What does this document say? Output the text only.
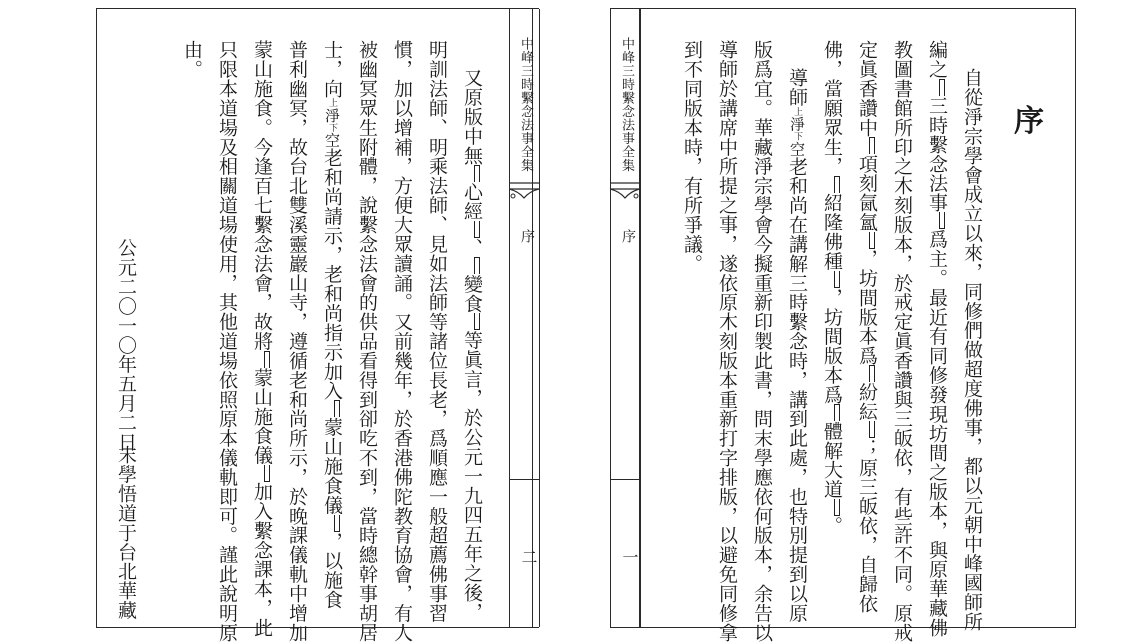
中峰三時繫念法事全集
序
二
中峰三時繫念法事全集
序
一
序
又原版中無心經、變食等眞言，於公元一九四五年之後，
明訓法師、明乘法師、見如法師等諸位長老，爲順應一般超薦佛事習
慣，加以增補，方便大眾讀誦。又前幾年，於香港佛陀教育協會，有人
被幽冥眾生附體，說繫念法會的供品看得到卻吃不到，當時總幹事胡居
士，向上淨下空老和尚請示，老和尚指示加入蒙山施食儀，以施食
普利幽冥，故台北雙溪靈巖山寺，遵循老和尚所示，於晚課儀軌中增加
蒙山施食。今逢百七繫念法會，故將蒙山施食儀加入繫念課本，此
只限本道場及相關道場使用，其他道場依照原本儀軌即可。謹此說明原
由。
自從淨宗學會成立以來，同修們做超度佛事，都以元朝中峰國師所
編之三時繫念法事爲主。最近有同修發現坊間之版本，與原華藏佛
教圖書館所印之木刻版本，於戒定眞香讚與三皈依，有些許不同。原戒
定眞香讚中項刻氤氳，坊間版本爲紛紜；原三皈依，自歸依
佛，當願眾生，紹隆佛種，坊間版本爲體解大道。
導師上淨下空老和尚在講解三時繫念時，講到此處，也特別提到以原
版爲宜。華藏淨宗學會今擬重新印製此書，問末學應依何版本，余告以
導師於講席中所提之事，遂依原木刻版本重新打字排版，以避免同修拿
到不同版本時，有所爭議。
公元二〇一〇年五月二日
末學悟道于台北華藏
